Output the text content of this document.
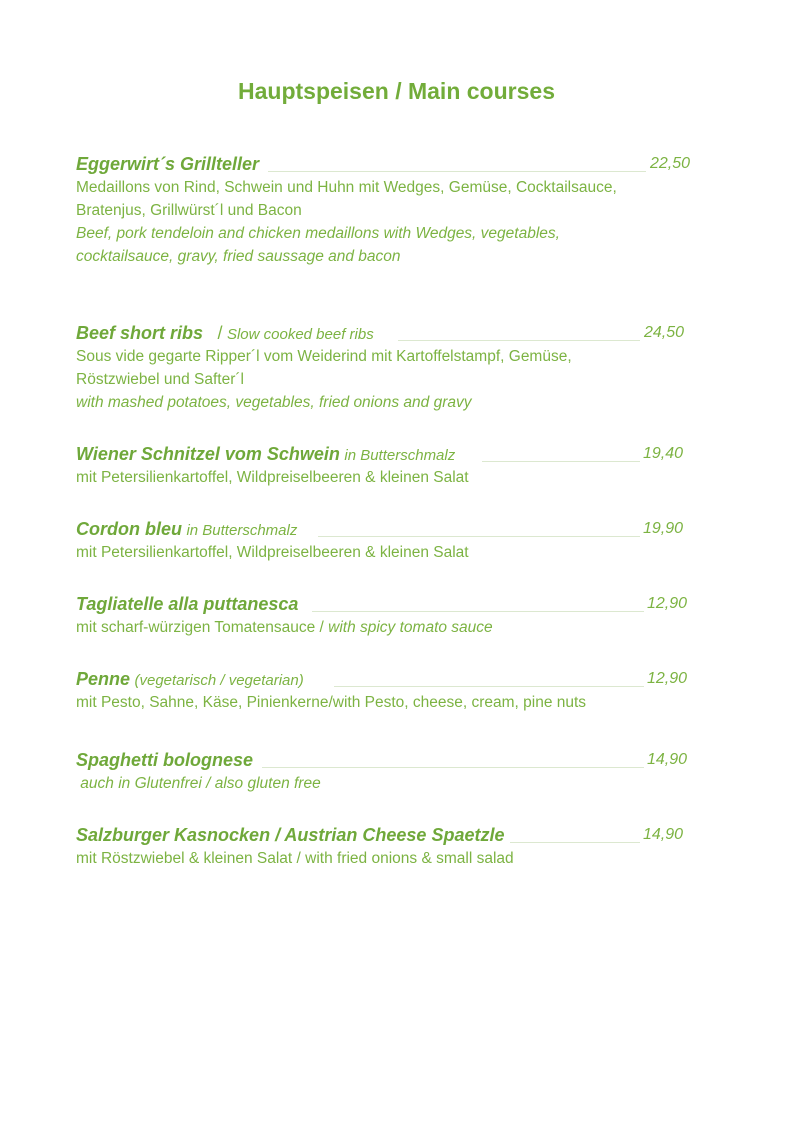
Hauptspeisen / Main courses
Eggerwirt´s Grillteller	22,50
Medaillons von Rind, Schwein und Huhn mit Wedges, Gemüse, Cocktailsauce,
Bratenjus, Grillwürst´l und Bacon
Beef, pork tendeloin and chicken medaillons with Wedges, vegetables,
cocktailsauce, gravy, fried saussage and bacon
Beef short ribs / Slow cooked beef ribs	24,50
Sous vide gegarte Ripper´l vom Weiderind mit Kartoffelstampf, Gemüse,
Röstzwiebel und Safter´l
with mashed potatoes, vegetables, fried onions and gravy
Wiener Schnitzel vom Schwein in Butterschmalz	19,40
mit Petersilienkartoffel, Wildpreiselbeeren & kleinen Salat
Cordon bleu in Butterschmalz	19,90
mit Petersilienkartoffel, Wildpreiselbeeren & kleinen Salat
Tagliatelle alla puttanesca	12,90
mit scharf-würzigen Tomatensauce / with spicy tomato sauce
Penne (vegetarisch / vegetarian)	12,90
mit Pesto, Sahne, Käse, Pinienkerne/with Pesto, cheese, cream, pine nuts
Spaghetti bolognese	14,90
auch in Glutenfrei / also gluten free
Salzburger Kasnocken / Austrian Cheese Spaetzle	14,90
mit Röstzwiebel & kleinen Salat / with fried onions & small salad
